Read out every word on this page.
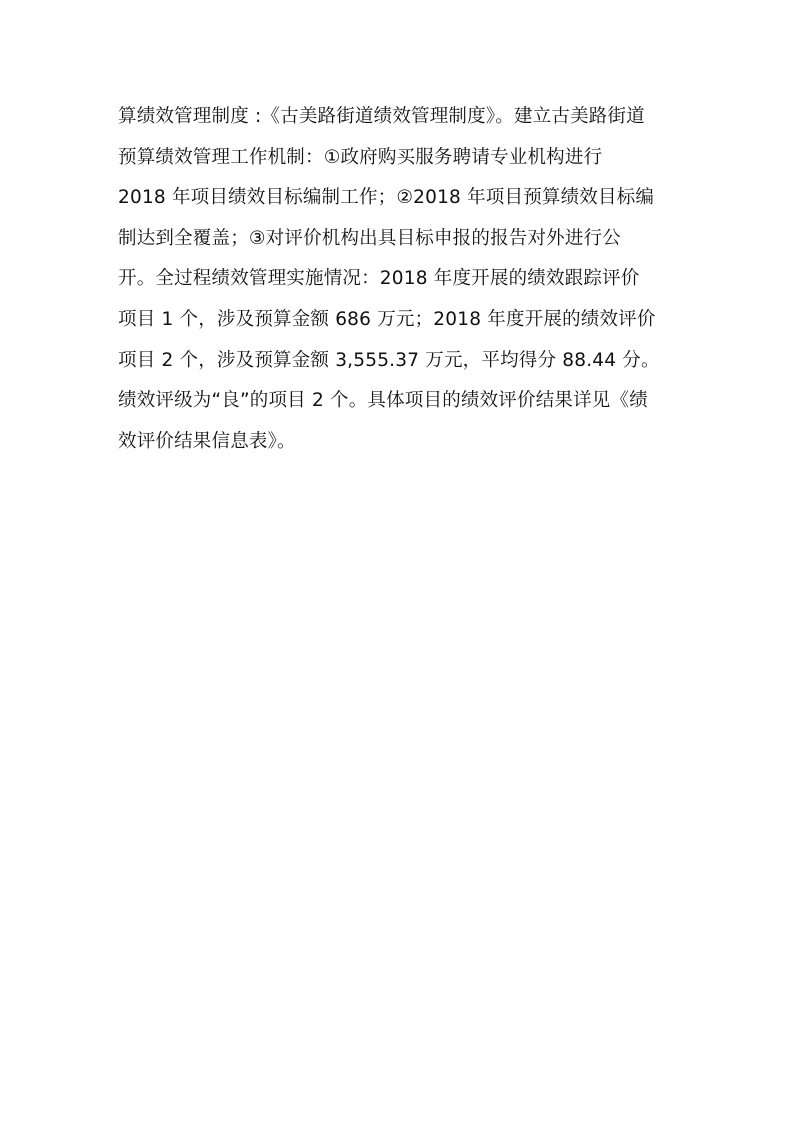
算绩效管理制度 :《古美路街道绩效管理制度》。建立古美路街道
预算绩效管理工作机制：①政府购买服务聘请专业机构进行
2018 年项目绩效目标编制工作；②2018 年项目预算绩效目标编
制达到全覆盖；③对评价机构出具目标申报的报告对外进行公
开。全过程绩效管理实施情况：2018 年度开展的绩效跟踪评价
项目 1 个，涉及预算金额 686 万元；2018 年度开展的绩效评价
项目 2 个，涉及预算金额 3,555.37 万元，平均得分 88.44 分。
绩效评级为“良”的项目 2 个。具体项目的绩效评价结果详见《绩
效评价结果信息表》。
